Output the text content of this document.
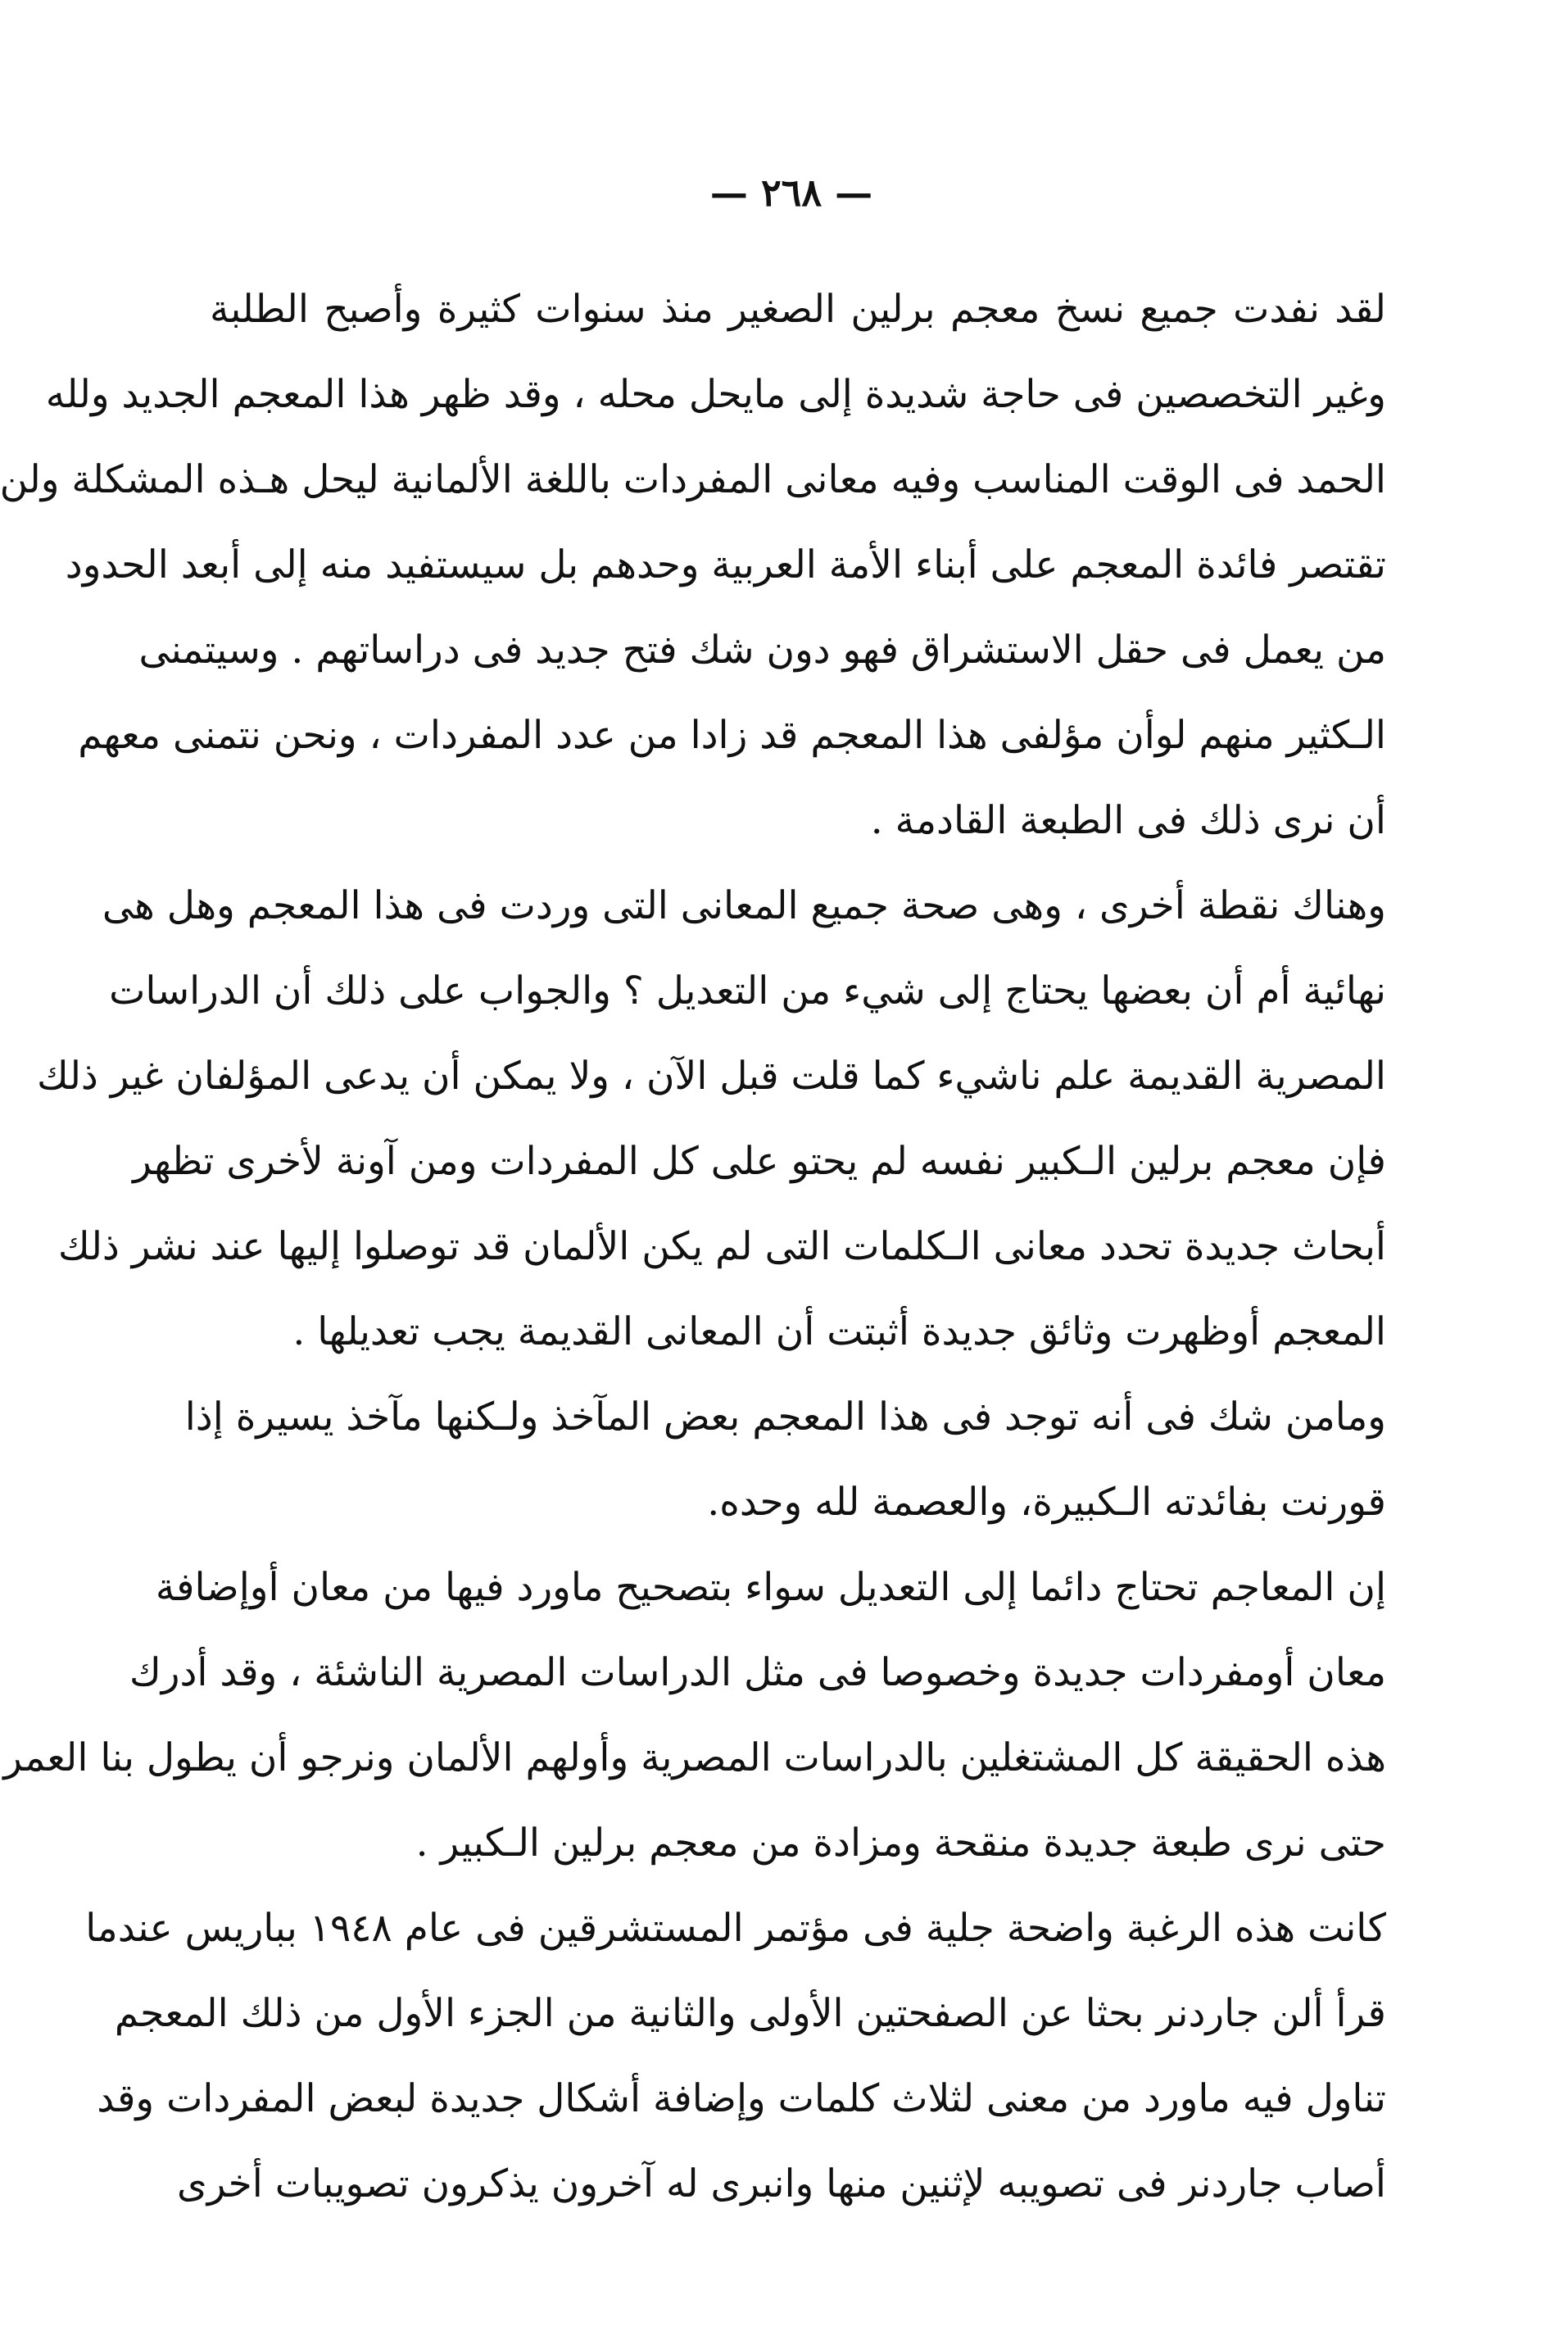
— ٢٦٨ —

لقد نفدت جميع نسخ معجم برلين الصغير منذ سنوات كثيرة وأصبح الطلبة
وغير التخصصين فى حاجة شديدة إلى مايحل محله ، وقد ظهر هذا المعجم الجديد ولله
الحمد فى الوقت المناسب وفيه معانى المفردات باللغة الألمانية ليحل هـذه المشكلة ولن
تقتصر فائدة المعجم على أبناء الأمة العربية وحدهم بل سيستفيد منه إلى أبعد الحدود
من يعمل فى حقل الاستشراق فهو دون شك فتح جديد فى دراساتهم . وسيتمنى
الـكثير منهم لوأن مؤلفى هذا المعجم قد زادا من عدد المفردات ، ونحن نتمنى معهم
أن نرى ذلك فى الطبعة القادمة .

وهناك نقطة أخرى ، وهى صحة جميع المعانى التى وردت فى هذا المعجم وهل هى
نهائية أم أن بعضها يحتاج إلى شيء من التعديل ؟ والجواب على ذلك أن الدراسات
المصرية القديمة علم ناشيء كما قلت قبل الآن ، ولا يمكن أن يدعى المؤلفان غير ذلك
فإن معجم برلين الـكبير نفسه لم يحتو على كل المفردات ومن آونة لأخرى تظهر
أبحاث جديدة تحدد معانى الـكلمات التى لم يكن الألمان قد توصلوا إليها عند نشر ذلك
المعجم أوظهرت وثائق جديدة أثبتت أن المعانى القديمة يجب تعديلها .

ومامن شك فى أنه توجد فى هذا المعجم بعض المآخذ ولـكنها مآخذ يسيرة إذا
قورنت بفائدته الـكبيرة، والعصمة لله وحده.

إن المعاجم تحتاج دائما إلى التعديل سواء بتصحيح ماورد فيها من معان أوإضافة
معان أومفردات جديدة وخصوصا فى مثل الدراسات المصرية الناشئة ، وقد أدرك
هذه الحقيقة كل المشتغلين بالدراسات المصرية وأولهم الألمان ونرجو أن يطول بنا العمر
حتى نرى طبعة جديدة منقحة ومزادة من معجم برلين الـكبير .

كانت هذه الرغبة واضحة جلية فى مؤتمر المستشرقين فى عام ١٩٤٨ بباريس عندما
قرأ ألن جاردنر بحثا عن الصفحتين الأولى والثانية من الجزء الأول من ذلك المعجم
تناول فيه ماورد من معنى لثلاث كلمات وإضافة أشكال جديدة لبعض المفردات وقد
أصاب جاردنر فى تصويبه لإثنين منها وانبرى له آخرون يذكرون تصويبات أخرى
